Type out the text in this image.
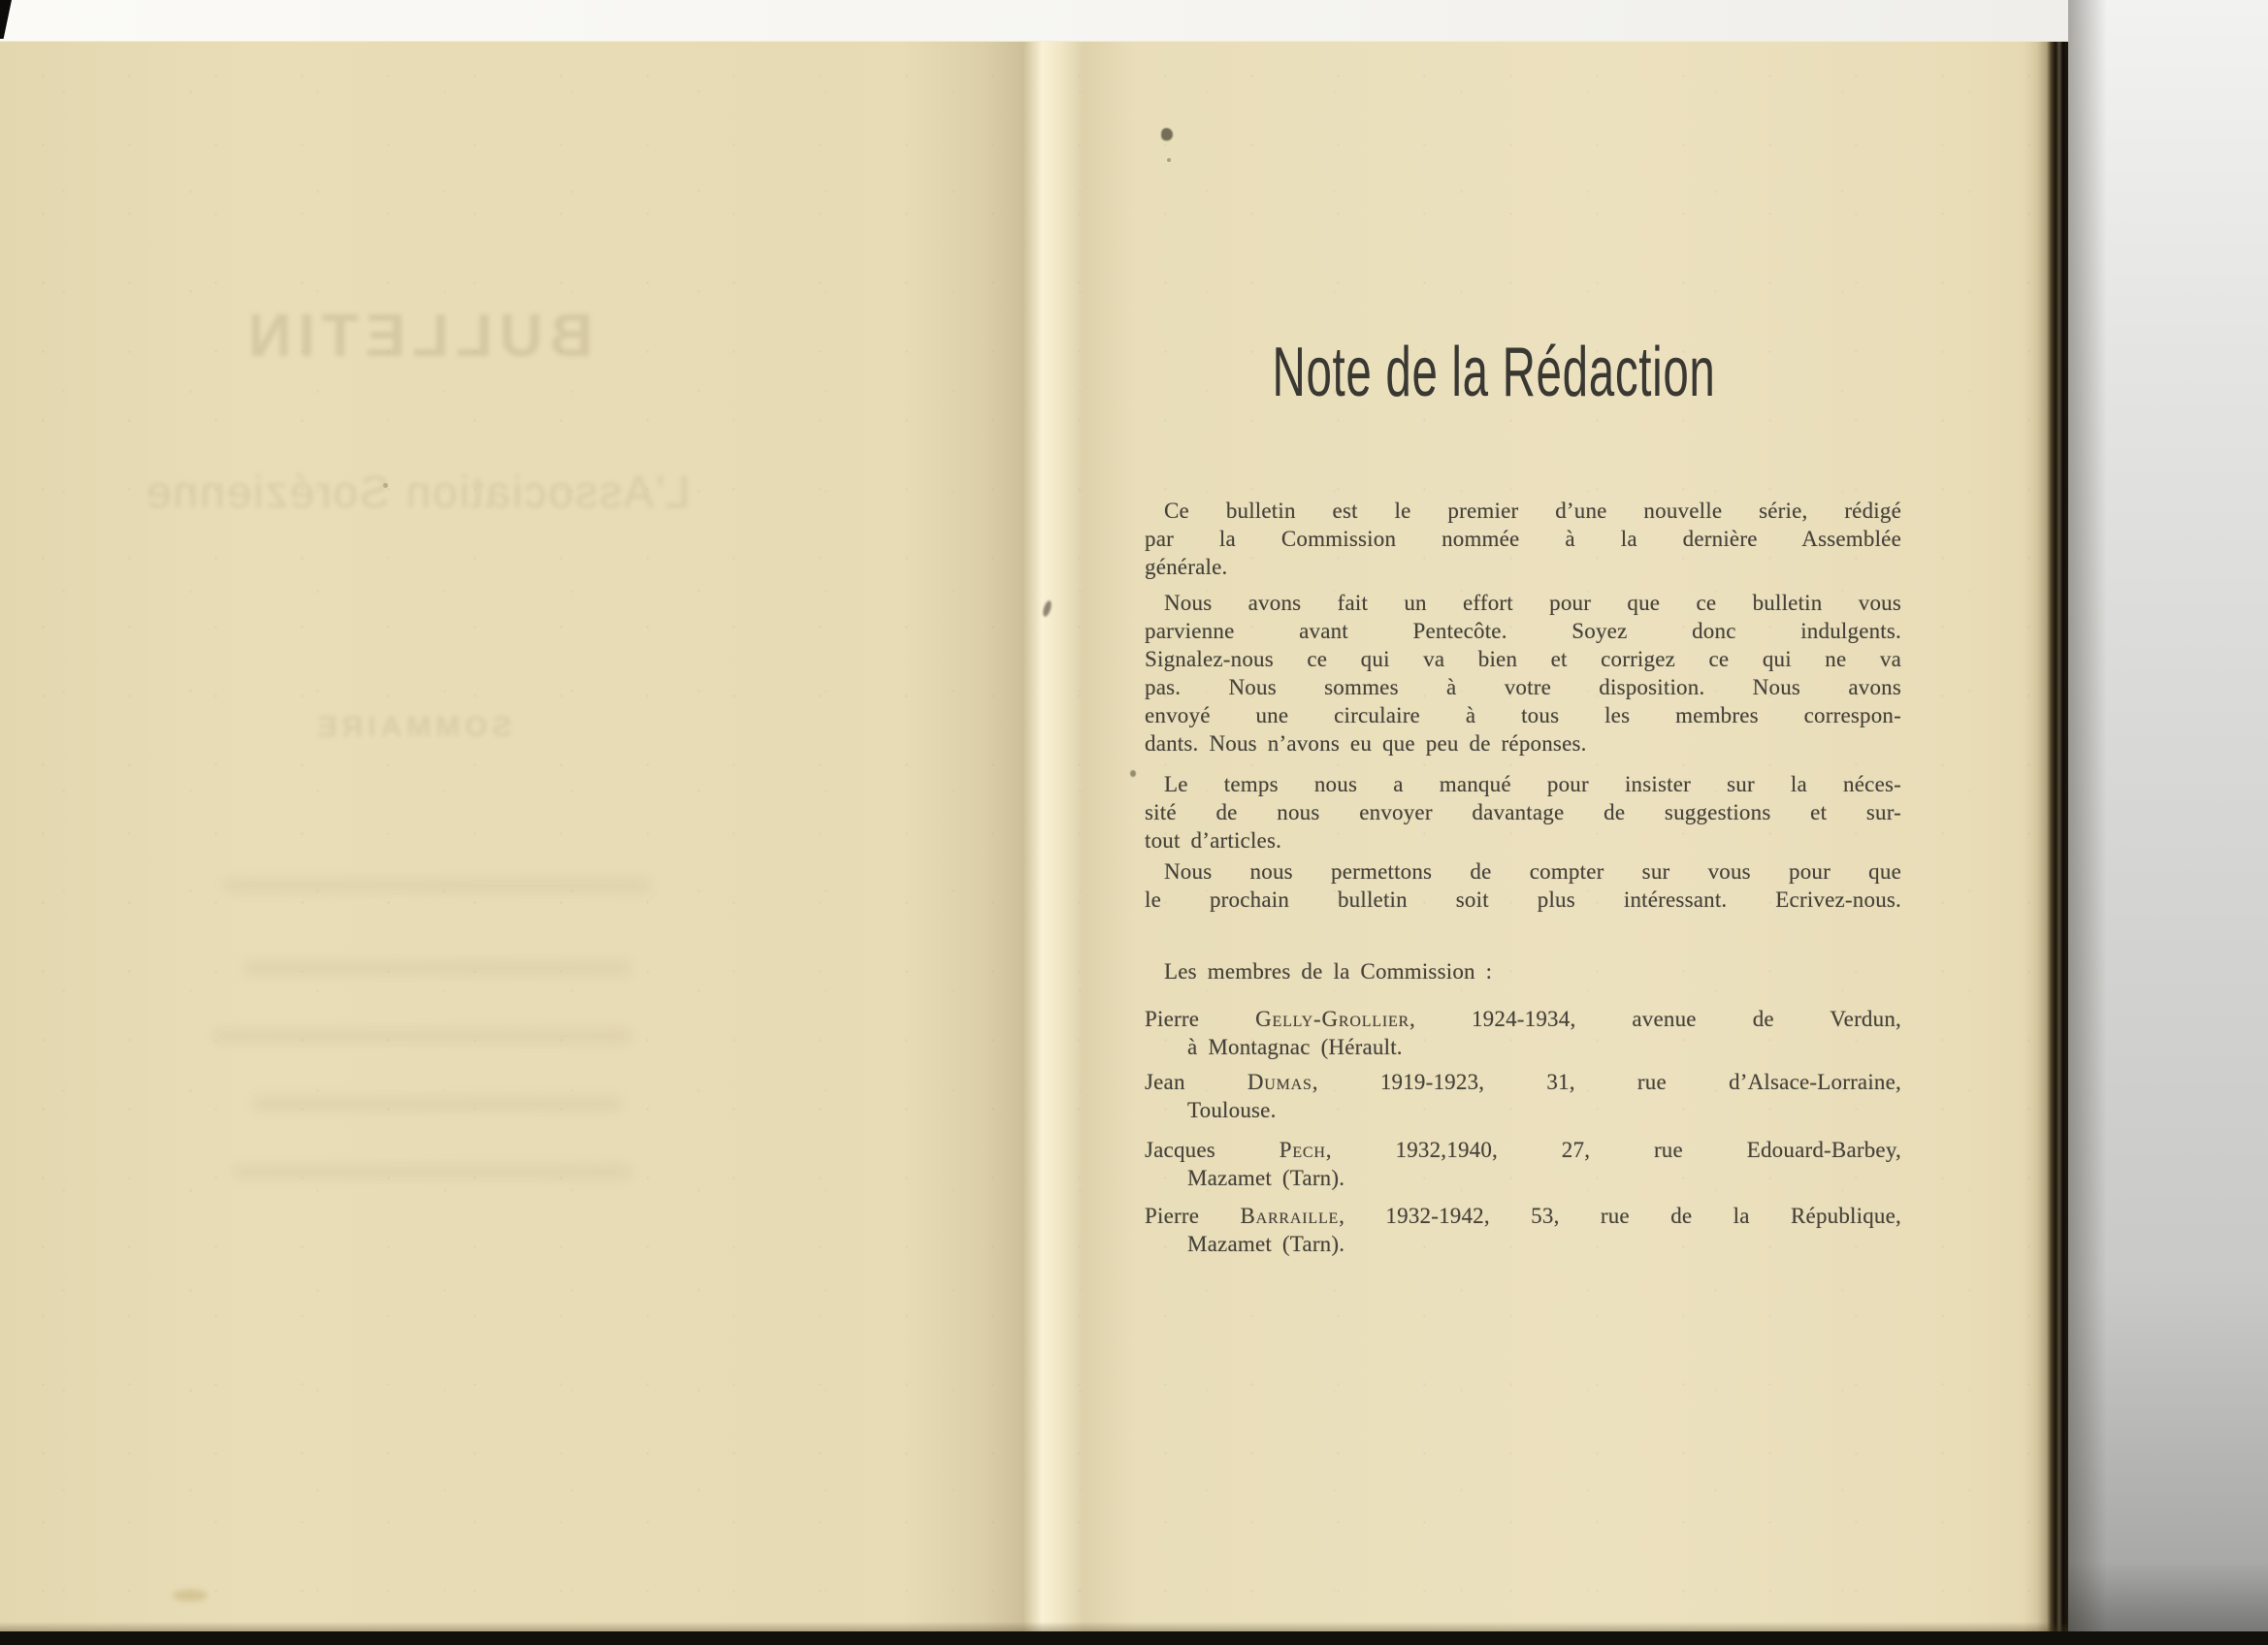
BULLETIN
L’Association Sorézienne
SOMMAIRE
Note de la Rédaction
Ce bulletin est le premier d’une nouvelle série, rédigé
par la Commission nommée à la dernière Assemblée
générale.
Nous avons fait un effort pour que ce bulletin vous
parvienne avant Pentecôte. Soyez donc indulgents.
Signalez-nous ce qui va bien et corrigez ce qui ne va
pas. Nous sommes à votre disposition. Nous avons
envoyé une circulaire à tous les membres correspon-
dants. Nous n’avons eu que peu de réponses.
Le temps nous a manqué pour insister sur la néces-
sité de nous envoyer davantage de suggestions et sur-
tout d’articles.
Nous nous permettons de compter sur vous pour que
le prochain bulletin soit plus intéressant. Ecrivez-nous.
Les membres de la Commission :
Pierre Gelly-Grollier, 1924-1934, avenue de Verdun,
à Montagnac (Hérault.
Jean Dumas, 1919-1923, 31, rue d’Alsace-Lorraine,
Toulouse.
Jacques Pech, 1932,1940, 27, rue Edouard-Barbey,
Mazamet (Tarn).
Pierre Barraille, 1932-1942, 53, rue de la République,
Mazamet (Tarn).
